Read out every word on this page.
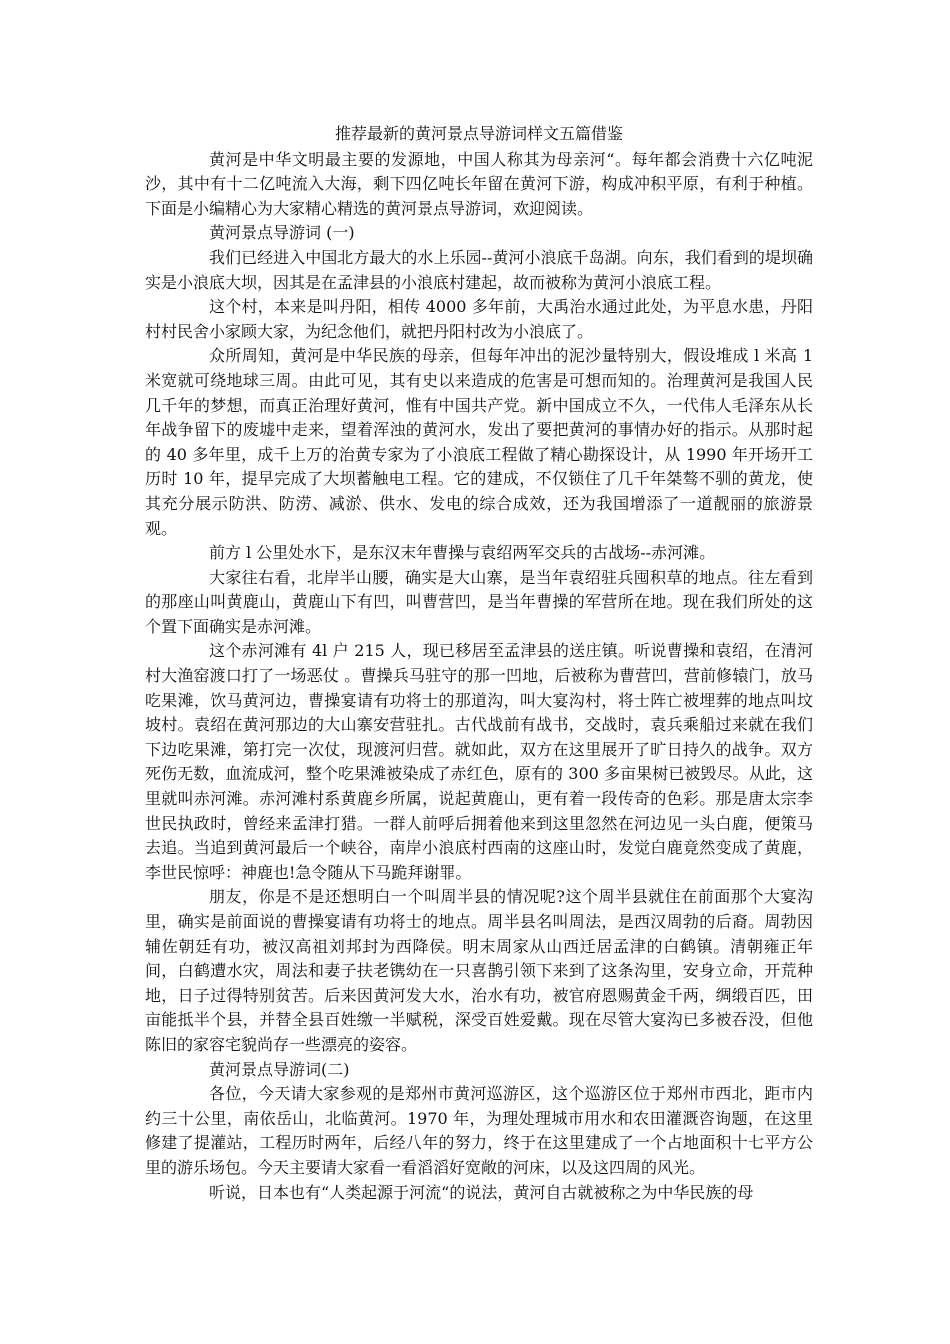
推荐最新的黄河景点导游词样文五篇借鉴

黄河是中华文明最主要的发源地，中国人称其为母亲河“。每年都会消费十六亿吨泥沙，其中有十二亿吨流入大海，剩下四亿吨长年留在黄河下游，构成冲积平原，有利于种植。下面是小编精心为大家精心精选的黄河景点导游词，欢迎阅读。

黄河景点导游词 (一)

我们已经进入中国北方最大的水上乐园--黄河小浪底千岛湖。向东，我们看到的堤坝确实是小浪底大坝，因其是在孟津县的小浪底村建起，故而被称为黄河小浪底工程。

这个村，本来是叫丹阳，相传 4000 多年前，大禹治水通过此处，为平息水患，丹阳村村民舍小家顾大家，为纪念他们，就把丹阳村改为小浪底了。

众所周知，黄河是中华民族的母亲，但每年冲出的泥沙量特别大，假设堆成 l 米高 1 米宽就可绕地球三周。由此可见，其有史以来造成的危害是可想而知的。治理黄河是我国人民几千年的梦想，而真正治理好黄河，惟有中国共产党。新中国成立不久，一代伟人毛泽东从长年战争留下的废墟中走来，望着浑浊的黄河水，发出了要把黄河的事情办好的指示。从那时起的 40 多年里，成千上万的治黄专家为了小浪底工程做了精心勘探设计，从 1990 年开场开工历时 10 年，提早完成了大坝蓄触电工程。它的建成，不仅锁住了几千年桀骜不驯的黄龙，使其充分展示防洪、防涝、减淤、供水、发电的综合成效，还为我国增添了一道靓丽的旅游景观。

前方 l 公里处水下，是东汉末年曹操与袁绍两军交兵的古战场--赤河滩。

大家往右看，北岸半山腰，确实是大山寨，是当年袁绍驻兵囤积草的地点。往左看到的那座山叫黄鹿山，黄鹿山下有凹，叫曹营凹，是当年曹操的军营所在地。现在我们所处的这个置下面确实是赤河滩。

这个赤河滩有 4l 户 215 人，现已移居至孟津县的送庄镇。听说曹操和袁绍，在清河村大渔窑渡口打了一场恶仗 。曹操兵马驻守的那一凹地，后被称为曹营凹，营前修辕门，放马吃果滩，饮马黄河边，曹操宴请有功将士的那道沟，叫大宴沟村，将士阵亡被埋葬的地点叫坟坡村。袁绍在黄河那边的大山寨安营驻扎。古代战前有战书，交战时，袁兵乘船过来就在我们下边吃果滩，第打完一次仗，现渡河归营。就如此，双方在这里展开了旷日持久的战争。双方死伤无数，血流成河，整个吃果滩被染成了赤红色，原有的 300 多亩果树已被毁尽。从此，这里就叫赤河滩。赤河滩村系黄鹿乡所属，说起黄鹿山，更有着一段传奇的色彩。那是唐太宗李世民执政时，曾经来孟津打猎。一群人前呼后拥着他来到这里忽然在河边见一头白鹿，便策马去追。当追到黄河最后一个峡谷，南岸小浪底村西南的这座山时，发觉白鹿竟然变成了黄鹿，李世民惊呼：神鹿也!急令随从下马跪拜谢罪。

朋友，你是不是还想明白一个叫周半县的情况呢?这个周半县就住在前面那个大宴沟里，确实是前面说的曹操宴请有功将士的地点。周半县名叫周法，是西汉周勃的后裔。周勃因辅佐朝廷有功，被汉高祖刘邦封为西降侯。明末周家从山西迁居孟津的白鹤镇。清朝雍正年间，白鹤遭水灾，周法和妻子扶老镌幼在一只喜鹊引领下来到了这条沟里，安身立命，开荒种地，日子过得特别贫苦。后来因黄河发大水，治水有功，被官府恩赐黄金千两，绸缎百匹，田亩能抵半个县，并替全县百姓缴一半赋税，深受百姓爱戴。现在尽管大宴沟已多被吞没，但他陈旧的家容宅貌尚存一些漂亮的姿容。

黄河景点导游词(二)

各位，今天请大家参观的是郑州市黄河巡游区，这个巡游区位于郑州市西北，距市内约三十公里，南依岳山，北临黄河。1970 年，为理处理城市用水和农田灌溉咨询题，在这里修建了提灌站，工程历时两年，后经八年的努力，终于在这里建成了一个占地面积十七平方公里的游乐场包。今天主要请大家看一看滔滔好宽敞的河床，以及这四周的风光。

听说，日本也有“人类起源于河流“的说法，黄河自古就被称之为中华民族的母
